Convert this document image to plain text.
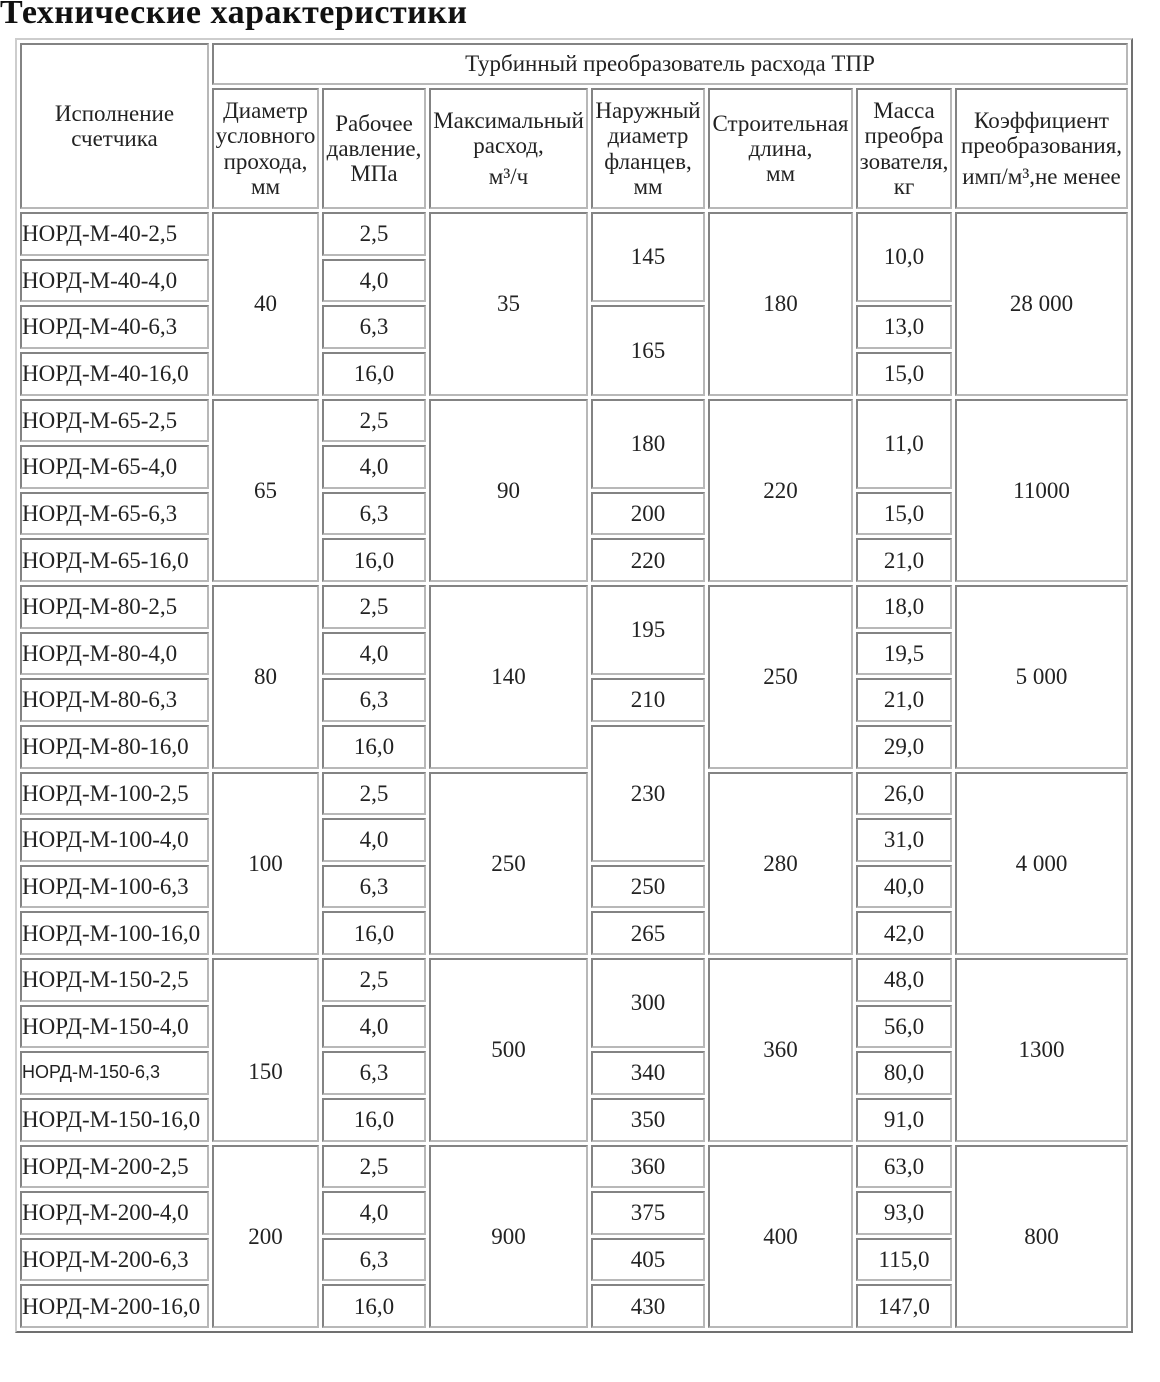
Технические характеристики
Исполнение
счетчика
Турбинный преобразователь расхода ТПР
Диаметр
условного
прохода,
мм
Рабочее
давление,
МПа
Максимальный
расход,
м³/ч
Наружный
диаметр
фланцев,
мм
Строительная
длина,
мм
Масса
преобра
зователя,
кг
Коэффициент
преобразования,
имп/м³,не менее
НОРД-М-40-2,5
НОРД-М-40-4,0
НОРД-М-40-6,3
НОРД-М-40-16,0
НОРД-М-65-2,5
НОРД-М-65-4,0
НОРД-М-65-6,3
НОРД-М-65-16,0
НОРД-М-80-2,5
НОРД-М-80-4,0
НОРД-М-80-6,3
НОРД-М-80-16,0
НОРД-М-100-2,5
НОРД-М-100-4,0
НОРД-М-100-6,3
НОРД-М-100-16,0
НОРД-М-150-2,5
НОРД-М-150-4,0
НОРД-М-150-6,3
НОРД-М-150-16,0
НОРД-М-200-2,5
НОРД-М-200-4,0
НОРД-М-200-6,3
НОРД-М-200-16,0
40
65
80
100
150
200
2,5
4,0
6,3
16,0
2,5
4,0
6,3
16,0
2,5
4,0
6,3
16,0
2,5
4,0
6,3
16,0
2,5
4,0
6,3
16,0
2,5
4,0
6,3
16,0
35
90
140
250
500
900
145
165
180
200
220
195
210
230
250
265
300
340
350
360
375
405
430
180
220
250
280
360
400
10,0
13,0
15,0
11,0
15,0
21,0
18,0
19,5
21,0
29,0
26,0
31,0
40,0
42,0
48,0
56,0
80,0
91,0
63,0
93,0
115,0
147,0
28 000
11000
5 000
4 000
1300
800
